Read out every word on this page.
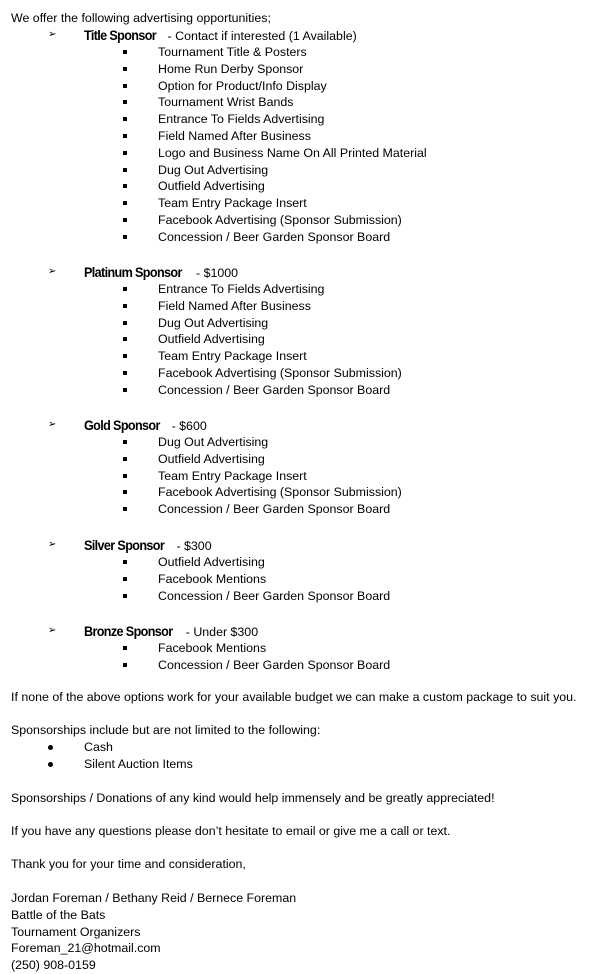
We offer the following advertising opportunities;
➢ Title Sponsor - Contact if interested (1 Available)
Tournament Title & Posters
Home Run Derby Sponsor
Option for Product/Info Display
Tournament Wrist Bands
Entrance To Fields Advertising
Field Named After Business
Logo and Business Name On All Printed Material
Dug Out Advertising
Outfield Advertising
Team Entry Package Insert
Facebook Advertising (Sponsor Submission)
Concession / Beer Garden Sponsor Board
➢ Platinum Sponsor - $1000
Entrance To Fields Advertising
Field Named After Business
Dug Out Advertising
Outfield Advertising
Team Entry Package Insert
Facebook Advertising (Sponsor Submission)
Concession / Beer Garden Sponsor Board
➢ Gold Sponsor - $600
Dug Out Advertising
Outfield Advertising
Team Entry Package Insert
Facebook Advertising (Sponsor Submission)
Concession / Beer Garden Sponsor Board
➢ Silver Sponsor - $300
Outfield Advertising
Facebook Mentions
Concession / Beer Garden Sponsor Board
➢ Bronze Sponsor - Under $300
Facebook Mentions
Concession / Beer Garden Sponsor Board
If none of the above options work for your available budget we can make a custom package to suit you.
Sponsorships include but are not limited to the following:
Cash
Silent Auction Items
Sponsorships / Donations of any kind would help immensely and be greatly appreciated!
If you have any questions please don’t hesitate to email or give me a call or text.
Thank you for your time and consideration,
Jordan Foreman / Bethany Reid / Bernece Foreman
Battle of the Bats
Tournament Organizers
Foreman_21@hotmail.com
(250) 908-0159
